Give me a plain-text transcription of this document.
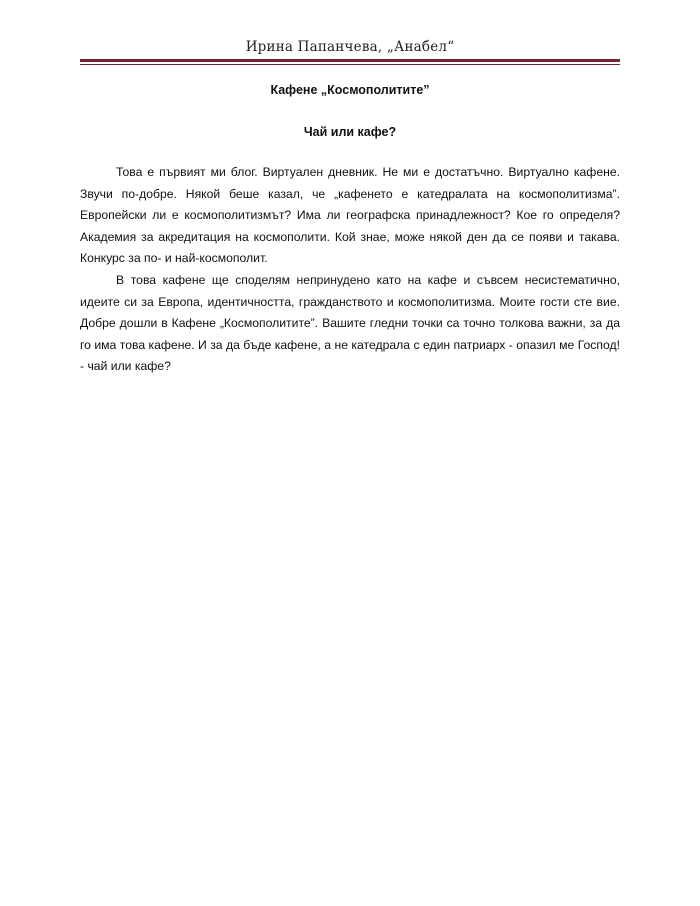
Ирина Папанчева, „Анабел“
Кафене „Космополитите”
Чай или кафе?

Това е първият ми блог. Виртуален дневник. Не ми е достатъчно. Виртуално кафене. Звучи по-добре. Някой беше казал, че „кафенето е катедралата на космополитизма”. Европейски ли е космополитизмът? Има ли географска принадлежност? Кое го определя? Академия за акредитация на космополити. Кой знае, може някой ден да се появи и такава. Конкурс за по- и най-космополит.

В това кафене ще споделям непринудено като на кафе и съвсем несистематично, идеите си за Европа, идентичността, гражданството и космополитизма. Моите гости сте вие. Добре дошли в Кафене „Космополитите”. Вашите гледни точки са точно толкова важни, за да го има това кафене. И за да бъде кафене, а не катедрала с един патриарх - опазил ме Господ! - чай или кафе?
